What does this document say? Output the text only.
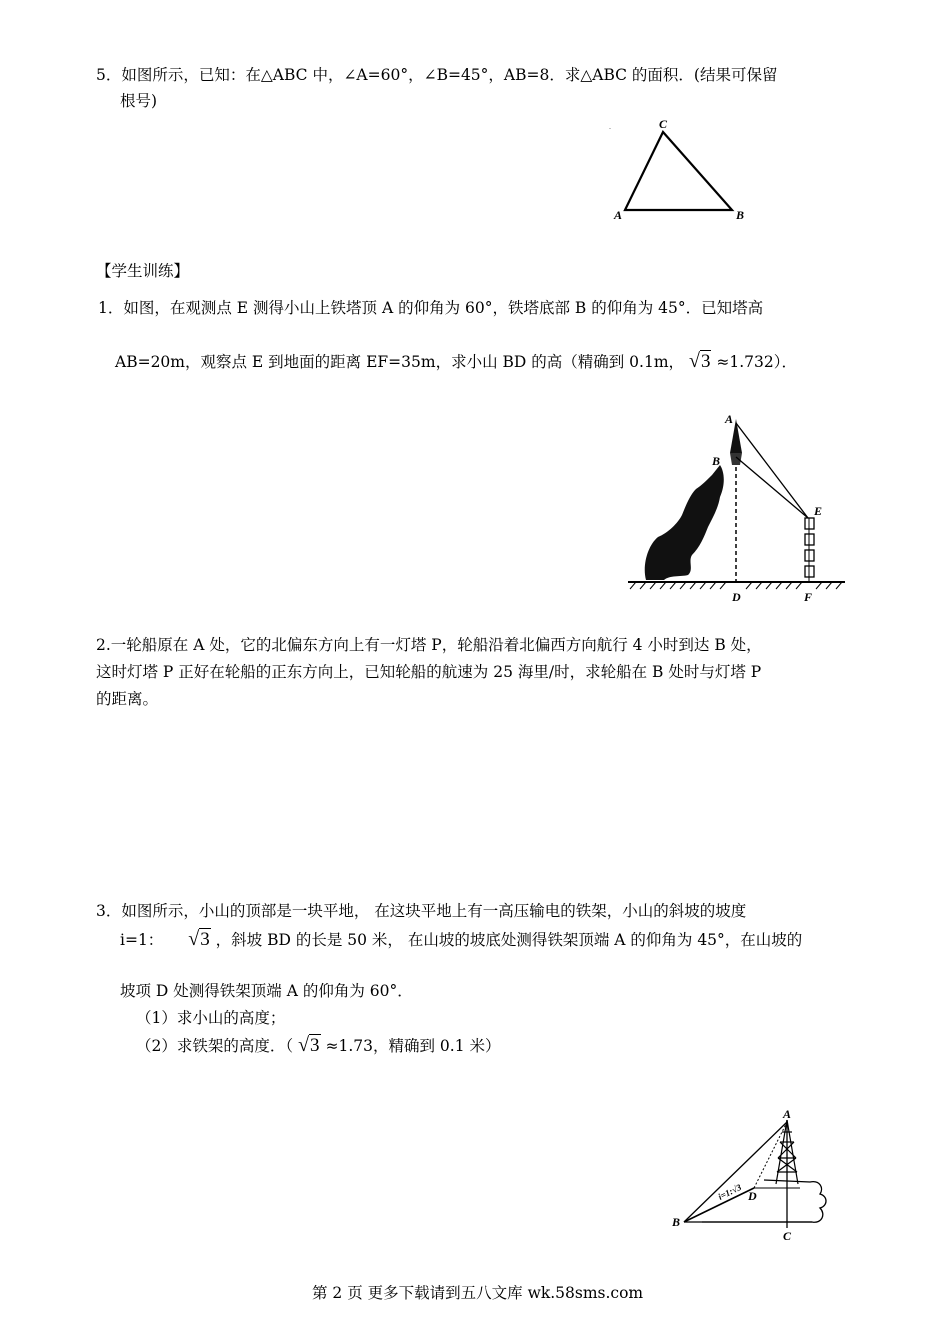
5．如图所示，已知：在△ABC 中，∠A=60°，∠B=45°，AB=8．求△ABC 的面积．(结果可保留
根号)
A	B
C
【学生训练】
1．如图，在观测点 E 测得小山上铁塔顶 A 的仰角为 60°，铁塔底部 B 的仰角为 45°．已知塔高
AB=20m，观察点 E 到地面的距离 EF=35m，求小山 BD 的高（精确到 0.1m， √3 ≈1.732）．
A
B
E
D	F
2.一轮船原在 A 处，它的北偏东方向上有一灯塔 P，轮船沿着北偏西方向航行 4 小时到达 B 处，
这时灯塔 P 正好在轮船的正东方向上，已知轮船的航速为 25 海里/时，求轮船在 B 处时与灯塔 P
的距离。
3．如图所示，小山的顶部是一块平地， 在这块平地上有一高压输电的铁架，小山的斜坡的坡度
i=1： √3 ，斜坡 BD 的长是 50 米， 在山坡的坡底处测得铁架顶端 A 的仰角为 45°，在山坡的
坡项 D 处测得铁架顶端 A 的仰角为 60°．
（1）求小山的高度；
（2）求铁架的高度．（ √3 ≈1.73，精确到 0.1 米）
B
A
D
C
i=1:√3
第 2 页 更多下载请到五八文库 wk.58sms.com
